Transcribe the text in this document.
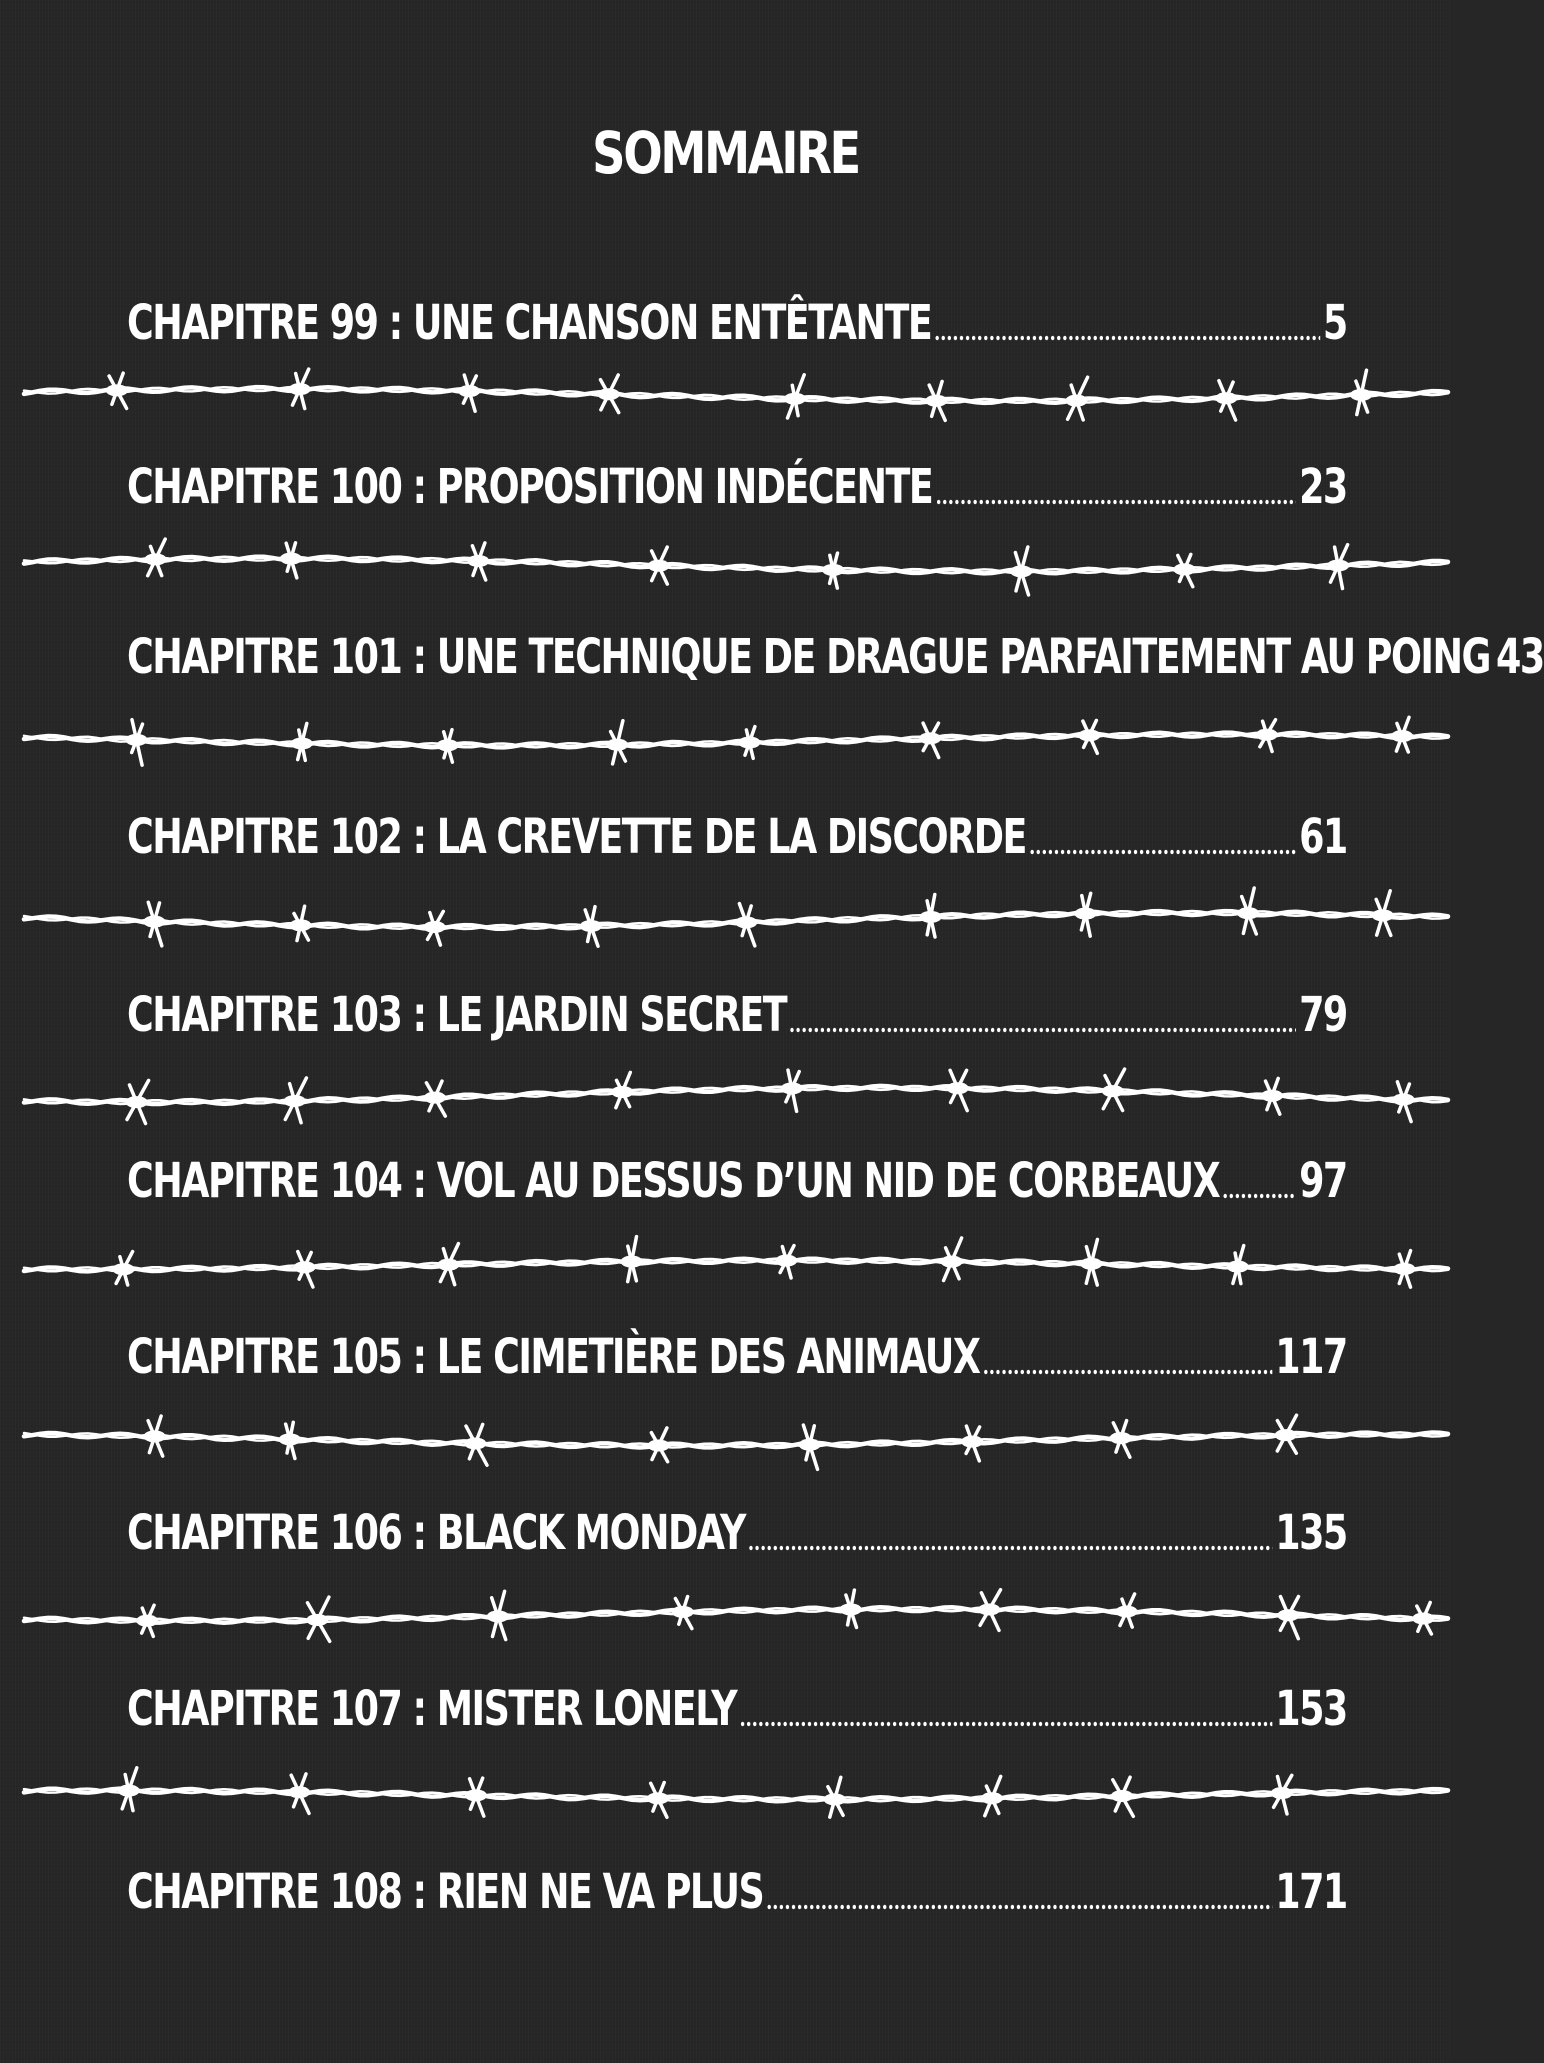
SOMMAIRE
CHAPITRE 99 : UNE CHANSON ENTÊTANTE	5
CHAPITRE 100 : PROPOSITION INDÉCENTE	23
CHAPITRE 101 : UNE TECHNIQUE DE DRAGUE PARFAITEMENT AU POING 43
CHAPITRE 102 : LA CREVETTE DE LA DISCORDE	61
CHAPITRE 103 : LE JARDIN SECRET	79
CHAPITRE 104 : VOL AU DESSUS D’UN NID DE CORBEAUX 97
CHAPITRE 105 : LE CIMETIÈRE DES ANIMAUX	117
CHAPITRE 106 : BLACK MONDAY	135
CHAPITRE 107 : MISTER LONELY	153
CHAPITRE 108 : RIEN NE VA PLUS	171
